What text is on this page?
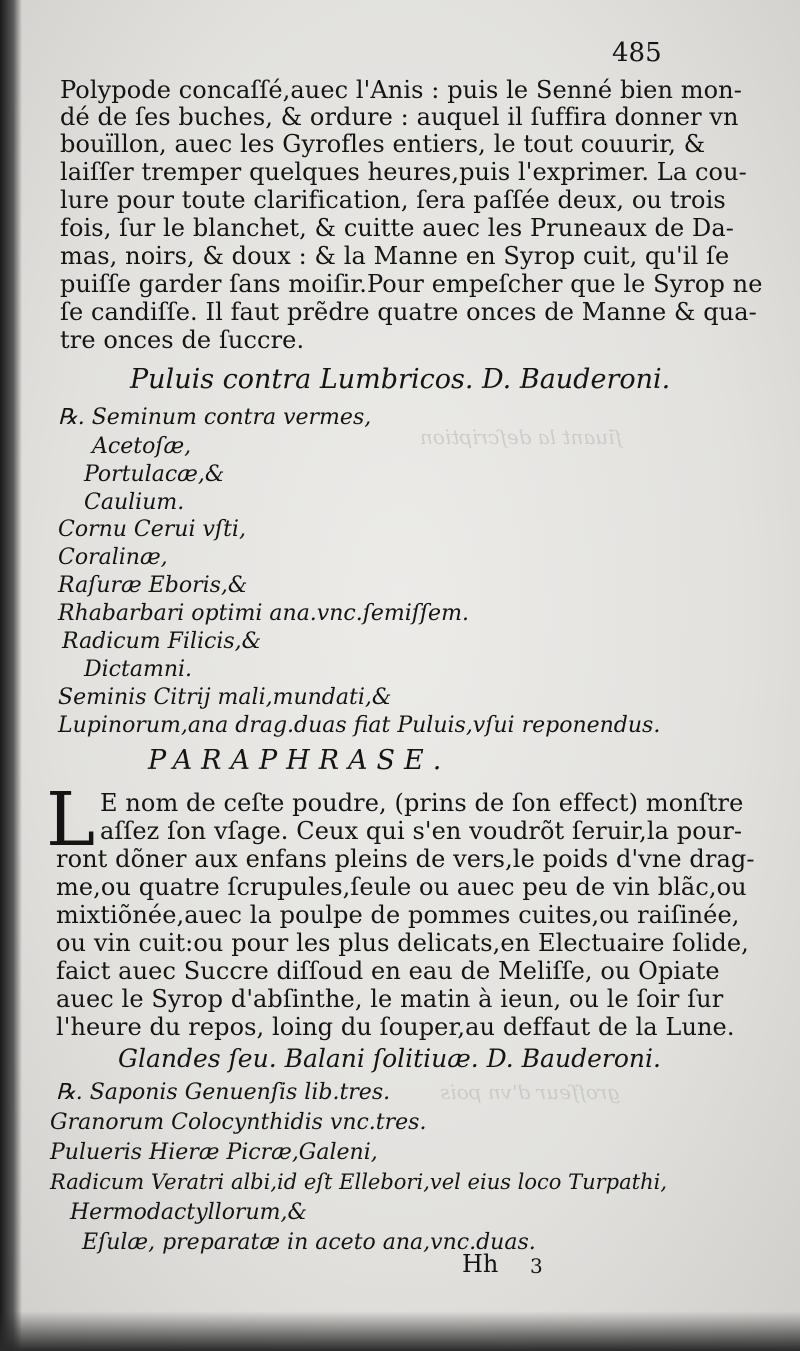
ſiuant la deſcription
groſſeur d'vn pois
485
Polypode concaſſé,auec l'Anis : puis le Senné bien mon-
dé de ſes buches, & ordure : auquel il ſuffira donner vn
bouïllon, auec les Gyrofles entiers, le tout couurir, &
laiſſer tremper quelques heures,puis l'exprimer. La cou-
lure pour toute clarification, ſera paſſée deux, ou trois
fois, ſur le blanchet, & cuitte auec les Pruneaux de Da-
mas, noirs, & doux : & la Manne en Syrop cuit, qu'il ſe
puiſſe garder ſans moiſir.Pour empeſcher que le Syrop ne
ſe candiſſe. Il faut prẽdre quatre onces de Manne & qua-
tre onces de ſuccre.
Puluis contra Lumbricos. D. Bauderoni.
℞. Seminum contra vermes,
Acetoſæ,
Portulacæ,&
Caulium.
Cornu Cerui vſti,
Coralinæ,
Raſuræ Eboris,&
Rhabarbari optimi ana.vnc.ſemiſſem.
Radicum Filicis,&
Dictamni.
Seminis Citrij mali,mundati,&
Lupinorum,ana drag.duas fiat Puluis,vſui reponendus.
PARAPHRASE.
L E nom de ceſte poudre, (prins de ſon effect) monſtre
aſſez ſon vſage. Ceux qui s'en voudrõt ſeruir,la pour-
ront dõner aux enfans pleins de vers,le poids d'vne drag-
me,ou quatre ſcrupules,ſeule ou auec peu de vin blãc,ou
mixtiõnée,auec la poulpe de pommes cuites,ou raiſinée,
ou vin cuit:ou pour les plus delicats,en Electuaire ſolide,
faict auec Succre diſſoud en eau de Meliſſe, ou Opiate
auec le Syrop d'abſinthe, le matin à ieun, ou le ſoir ſur
l'heure du repos, loing du ſouper,au deffaut de la Lune.
Glandes ſeu. Balani ſolitiuæ. D. Bauderoni.
℞. Saponis Genuenſis lib.tres.
Granorum Colocynthidis vnc.tres.
Pulueris Hieræ Picræ,Galeni,
Radicum Veratri albi,id eſt Ellebori,vel eius loco Turpathi,
Hermodactyllorum,&
Eſulæ, preparatæ in aceto ana,vnc.duas.
Hh 3
